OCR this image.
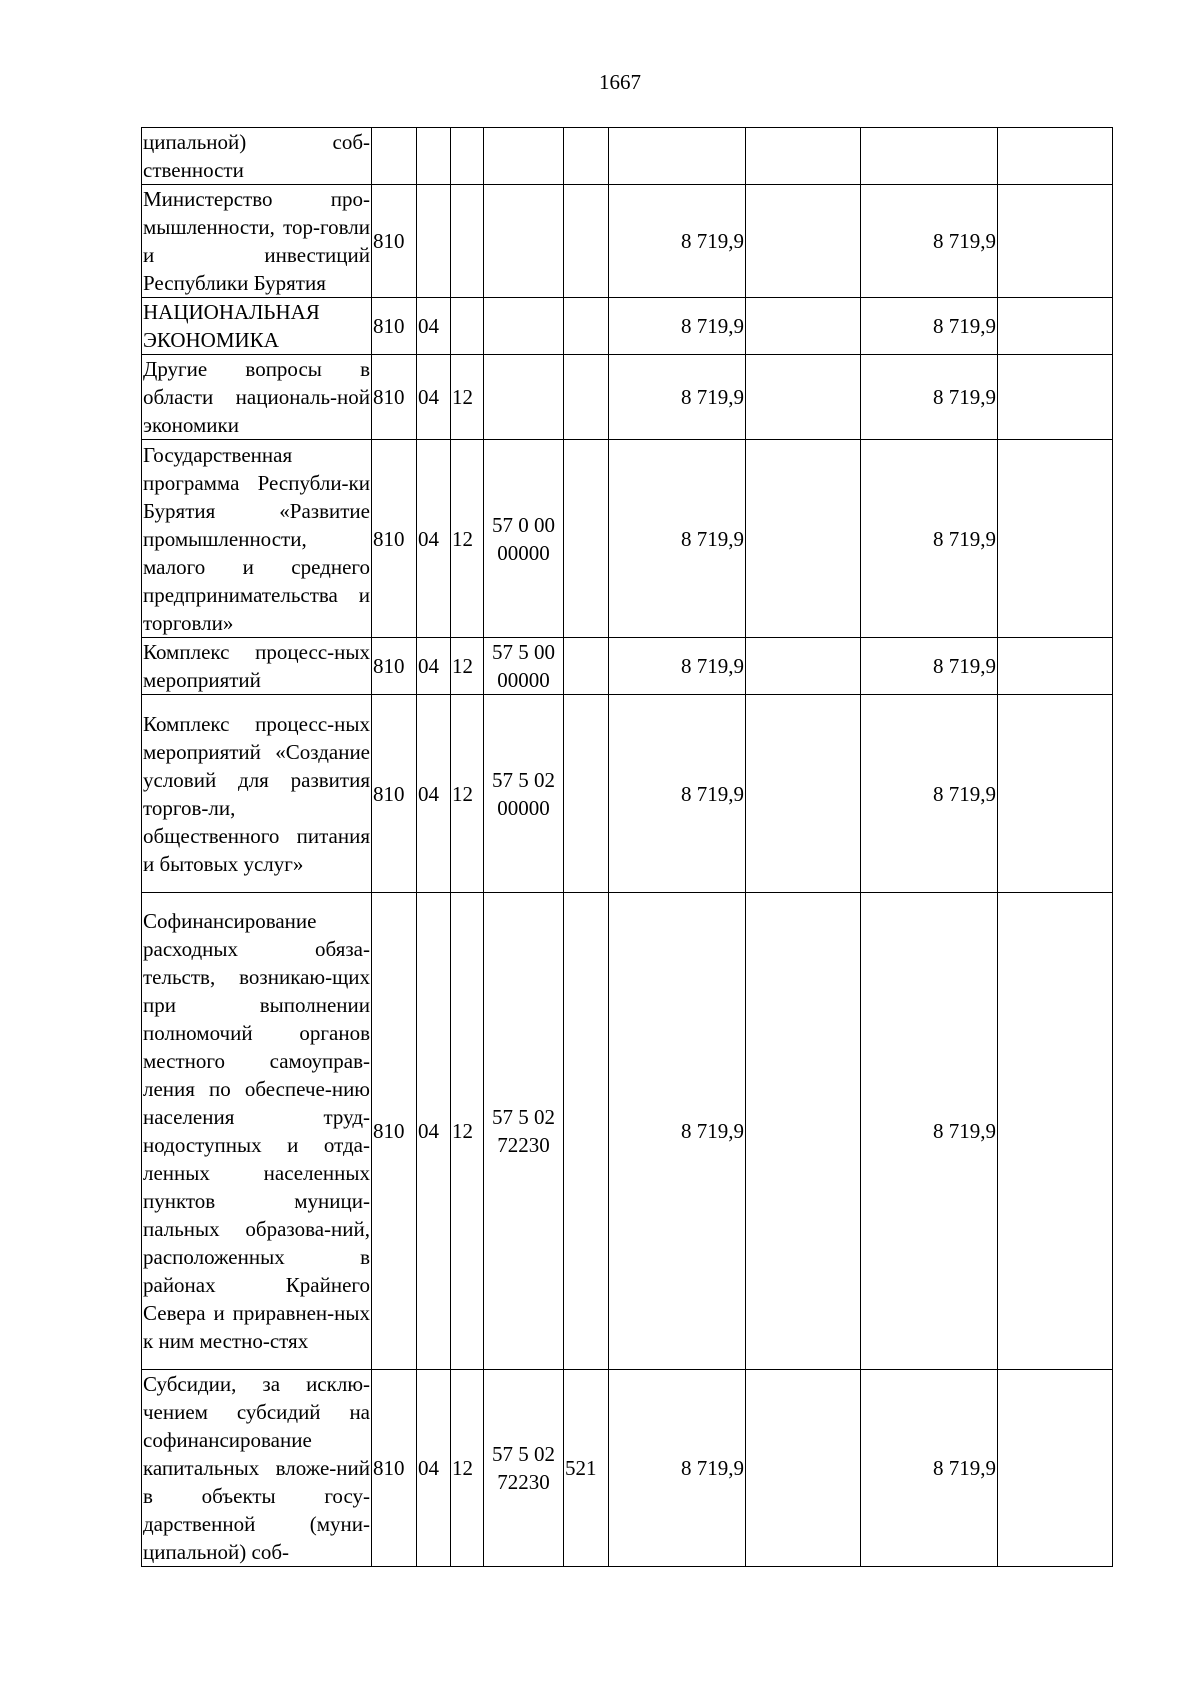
1667
ципальной) соб-ственности									
Министерство про-мышленности, тор-говли и инвестиций Республики Бурятия	810					8 719,9		8 719,9	
НАЦИОНАЛЬНАЯ ЭКОНОМИКА	810	04				8 719,9		8 719,9	
Другие вопросы в области националь-ной экономики	810	04	12			8 719,9		8 719,9	
Государственная программа Республи-ки Бурятия «Развитие промышленности, малого и среднего предпринимательства и торговли»	810	04	12	57 0 00 00000		8 719,9		8 719,9	
Комплекс процесс-ных мероприятий	810	04	12	57 5 00 00000		8 719,9		8 719,9	
Комплекс процесс-ных мероприятий «Создание условий для развития торгов-ли, общественного питания и бытовых услуг»	810	04	12	57 5 02 00000		8 719,9		8 719,9	
Софинансирование расходных обяза-тельств, возникаю-щих при выполнении полномочий органов местного самоуправ-ления по обеспече-нию населения труд-нодоступных и отда-ленных населенных пунктов муници-пальных образова-ний, расположенных в районах Крайнего Севера и приравнен-ных к ним местно-стях	810	04	12	57 5 02 72230		8 719,9		8 719,9	
Субсидии, за исклю-чением субсидий на софинансирование капитальных вложе-ний в объекты госу-дарственной (муни-ципальной) соб-	810	04	12	57 5 02 72230	521	8 719,9		8 719,9	
